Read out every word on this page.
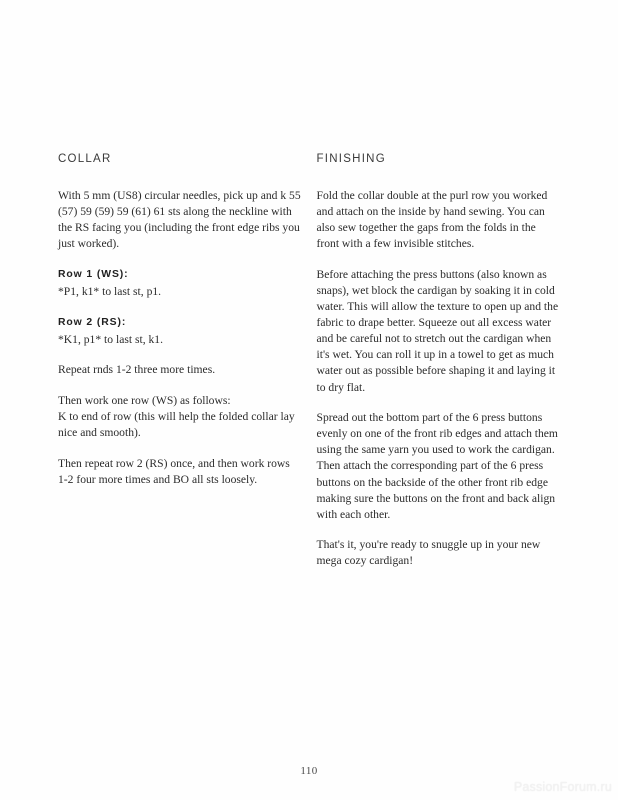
COLLAR

With 5 mm (US8) circular needles, pick up and k 55 (57) 59 (59) 59 (61) 61 sts along the neckline with the RS facing you (including the front edge ribs you just worked).

Row 1 (WS):

*P1, k1* to last st, p1.

Row 2 (RS):

*K1, p1* to last st, k1.

Repeat rnds 1-2 three more times.

Then work one row (WS) as follows:

K to end of row (this will help the folded collar lay nice and smooth).

Then repeat row 2 (RS) once, and then work rows 1-2 four more times and BO all sts loosely.

FINISHING

Fold the collar double at the purl row you worked and attach on the inside by hand sewing. You can also sew together the gaps from the folds in the front with a few invisible stitches.

Before attaching the press buttons (also known as snaps), wet block the cardigan by soaking it in cold water. This will allow the texture to open up and the fabric to drape better. Squeeze out all excess water and be careful not to stretch out the cardigan when it's wet. You can roll it up in a towel to get as much water out as possible before shaping it and laying it to dry flat.

Spread out the bottom part of the 6 press buttons evenly on one of the front rib edges and attach them using the same yarn you used to work the cardigan. Then attach the corresponding part of the 6 press buttons on the backside of the other front rib edge making sure the buttons on the front and back align with each other.

That's it, you're ready to snuggle up in your new mega cozy cardigan!

110
PassionForum.ru
